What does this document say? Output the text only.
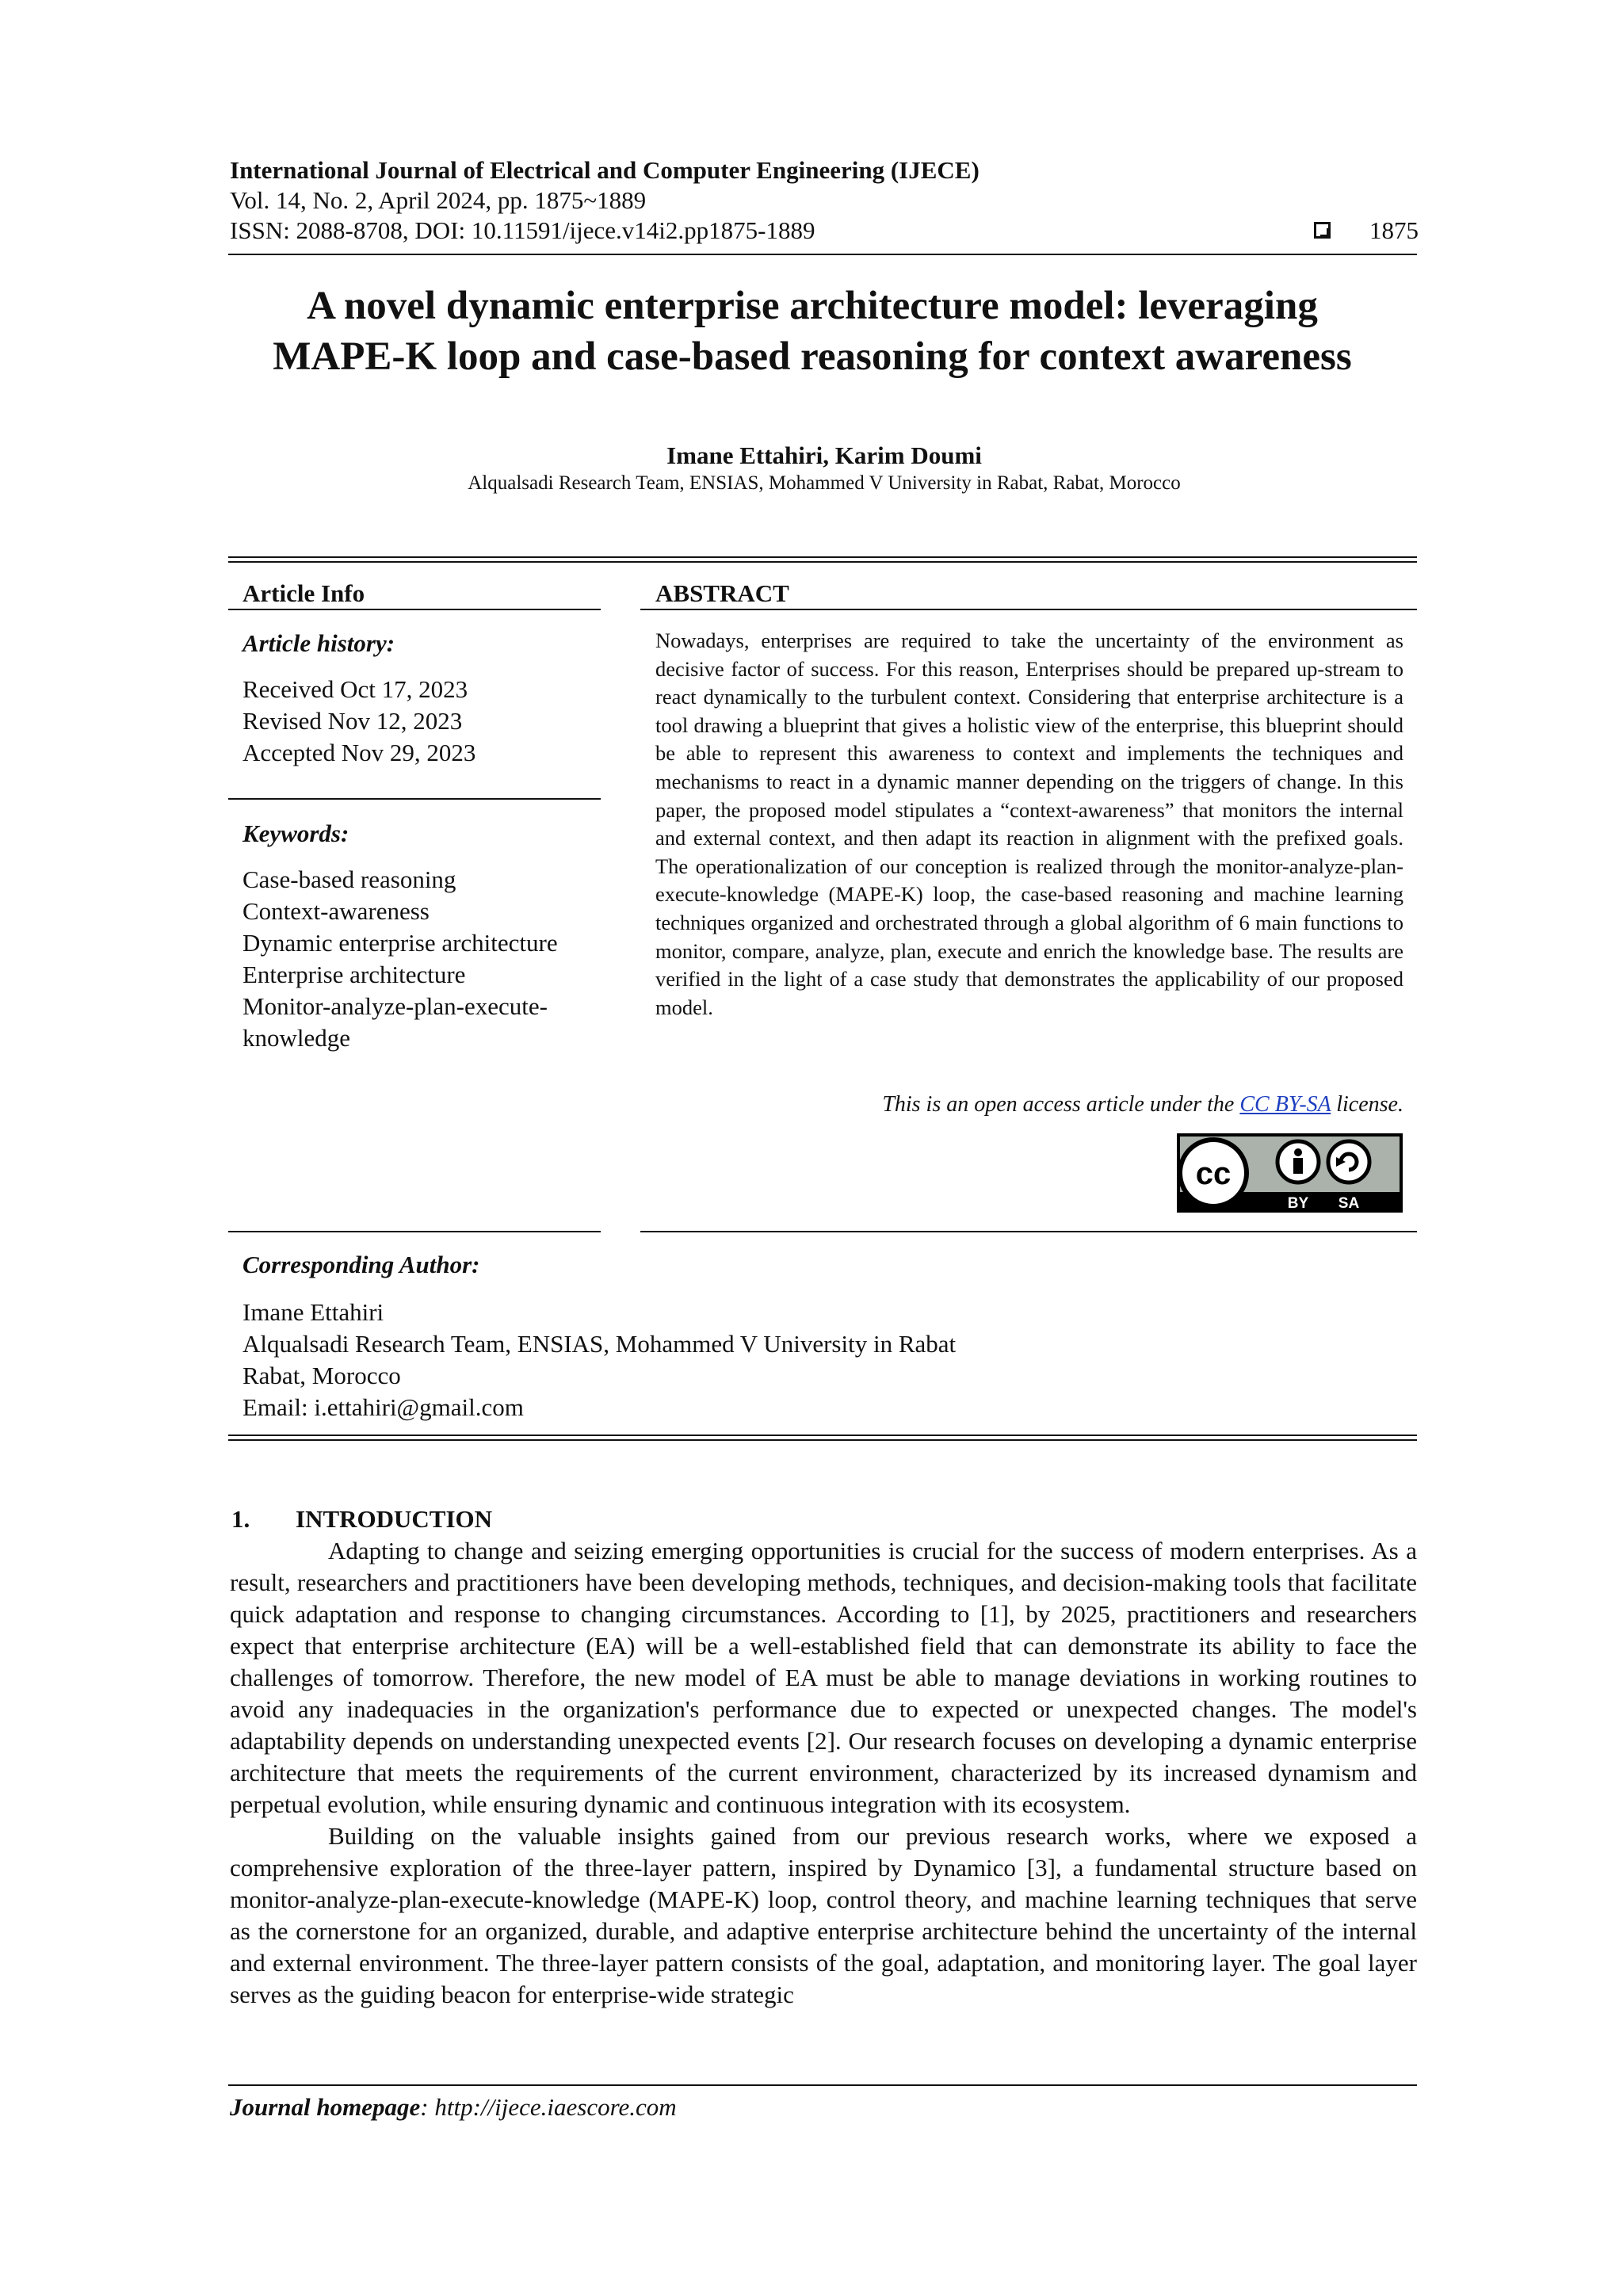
International Journal of Electrical and Computer Engineering (IJECE)
Vol. 14, No. 2, April 2024, pp. 1875~1889
ISSN: 2088-8708, DOI: 10.11591/ijece.v14i2.pp1875-1889	1875
A novel dynamic enterprise architecture model: leveraging
MAPE-K loop and case-based reasoning for context awareness
Imane Ettahiri, Karim Doumi
Alqualsadi Research Team, ENSIAS, Mohammed V University in Rabat, Rabat, Morocco
Article Info
Article history:
Received Oct 17, 2023
Revised Nov 12, 2023
Accepted Nov 29, 2023
Keywords:
Case-based reasoning
Context-awareness
Dynamic enterprise architecture
Enterprise architecture
Monitor-analyze-plan-execute-
knowledge
ABSTRACT
Nowadays, enterprises are required to take the uncertainty of the environment as decisive factor of success. For this reason, Enterprises should be prepared up-stream to react dynamically to the turbulent context. Considering that enterprise architecture is a tool drawing a blueprint that gives a holistic view of the enterprise, this blueprint should be able to represent this awareness to context and implements the techniques and mechanisms to react in a dynamic manner depending on the triggers of change. In this paper, the proposed model stipulates a “context-awareness” that monitors the internal and external context, and then adapt its reaction in alignment with the prefixed goals. The operationalization of our conception is realized through the monitor-analyze-plan-execute-knowledge (MAPE-K) loop, the case-based reasoning and machine learning techniques organized and orchestrated through a global algorithm of 6 main functions to monitor, compare, analyze, plan, execute and enrich the knowledge base. The results are verified in the light of a case study that demonstrates the applicability of our proposed model.
This is an open access article under the CC BY-SA license.
cc
BY SA
Corresponding Author:
Imane Ettahiri
Alqualsadi Research Team, ENSIAS, Mohammed V University in Rabat
Rabat, Morocco
Email: i.ettahiri@gmail.com
1. INTRODUCTION

Adapting to change and seizing emerging opportunities is crucial for the success of modern enterprises. As a result, researchers and practitioners have been developing methods, techniques, and decision-making tools that facilitate quick adaptation and response to changing circumstances. According to [1], by 2025, practitioners and researchers expect that enterprise architecture (EA) will be a well-established field that can demonstrate its ability to face the challenges of tomorrow. Therefore, the new model of EA must be able to manage deviations in working routines to avoid any inadequacies in the organization's performance due to expected or unexpected changes. The model's adaptability depends on understanding unexpected events [2]. Our research focuses on developing a dynamic enterprise architecture that meets the requirements of the current environment, characterized by its increased dynamism and perpetual evolution, while ensuring dynamic and continuous integration with its ecosystem.

Building on the valuable insights gained from our previous research works, where we exposed a comprehensive exploration of the three-layer pattern, inspired by Dynamico [3], a fundamental structure based on monitor-analyze-plan-execute-knowledge (MAPE-K) loop, control theory, and machine learning techniques that serve as the cornerstone for an organized, durable, and adaptive enterprise architecture behind the uncertainty of the internal and external environment. The three-layer pattern consists of the goal, adaptation, and monitoring layer. The goal layer serves as the guiding beacon for enterprise-wide strategic

Journal homepage: http://ijece.iaescore.com
